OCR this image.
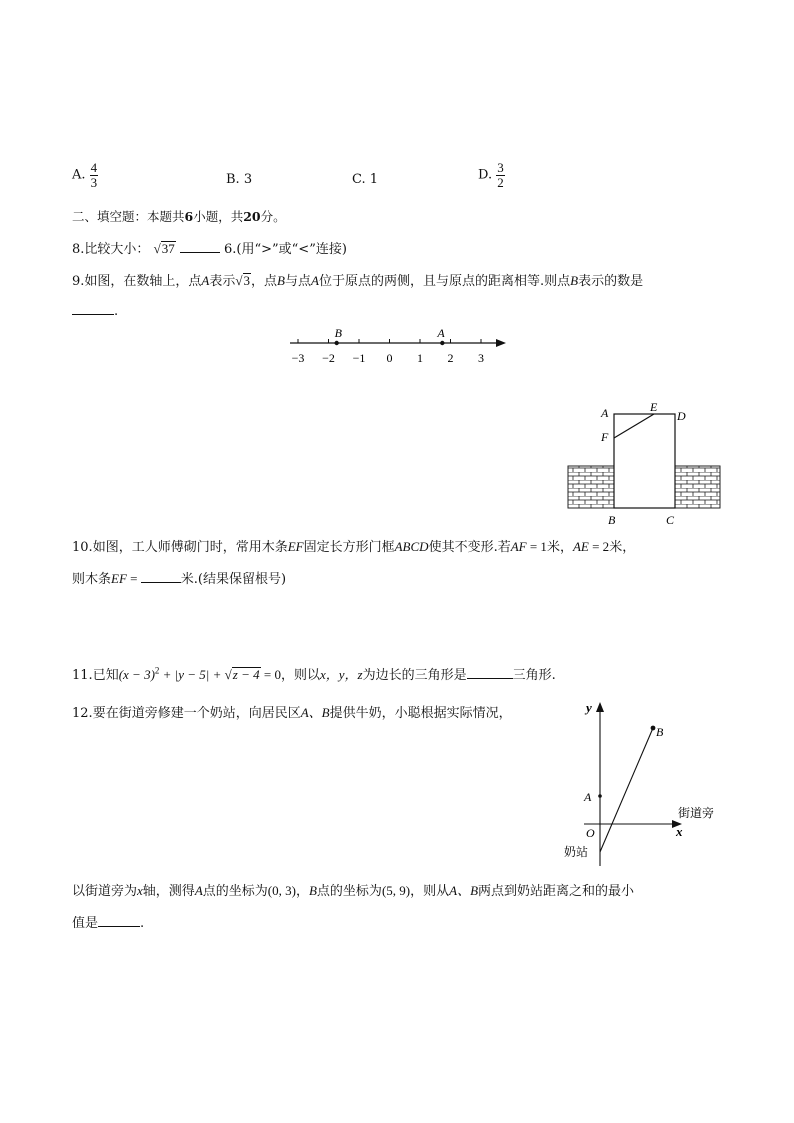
A. $\frac{4}{3}$	B. 3	C. 1	D. $\frac{3}{2}$
二、填空题：本题共6小题，共20分。
8.比较大小： √37	6.(用“>”或“<”连接)
9.如图，在数轴上，点A表示√3，点B与点A位于原点的两侧，且与原点的距离相等.则点B表示的数是
.
−3 −2 −1 0 1 2 3
B	A
A	E
D
F
B	C
10.如图，工人师傅砌门时，常用木条EF固定长方形门框ABCD使其不变形.若AF = 1米，AE = 2米，
则木条EF =	米.(结果保留根号)
11.已知$(x - 3)^2 + |y - 5| + √z - 4 = 0$，则以x，y，z为边长的三角形是	三角形.
12.要在街道旁修建一个奶站，向居民区A、B提供牛奶，小聪根据实际情况，	y
x
O
A
B
街道旁
奶站
以街道旁为x轴，测得A点的坐标为(0, 3)，B点的坐标为(5, 9)，则从A、B两点到奶站距离之和的最小
值是	.
